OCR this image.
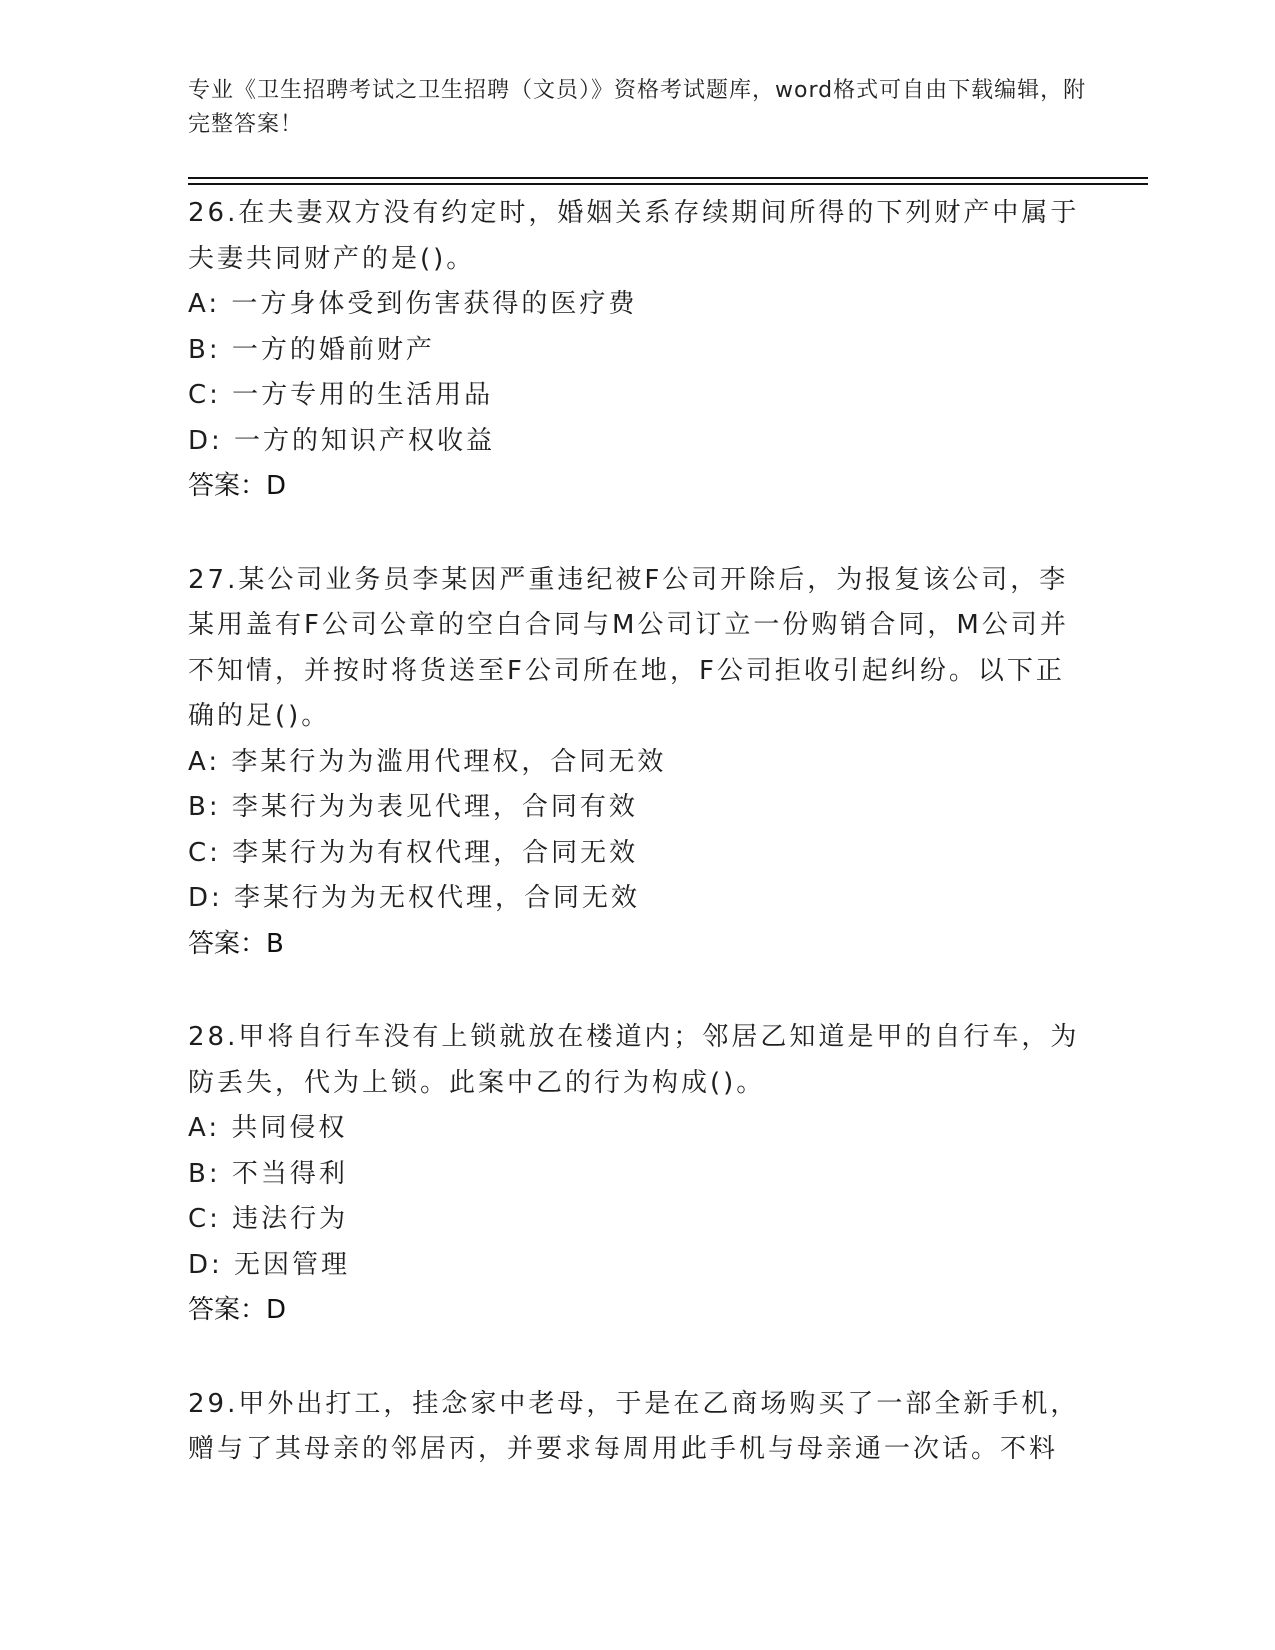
专业《卫生招聘考试之卫生招聘（文员）》资格考试题库，word格式可自由下载编辑，附完整答案！

26.在夫妻双方没有约定时，婚姻关系存续期间所得的下列财产中属于夫妻共同财产的是()。

A: 一方身体受到伤害获得的医疗费

B: 一方的婚前财产

C: 一方专用的生活用品

D: 一方的知识产权收益

答案：D

27.某公司业务员李某因严重违纪被F公司开除后，为报复该公司，李某用盖有F公司公章的空白合同与M公司订立一份购销合同，M公司并不知情，并按时将货送至F公司所在地，F公司拒收引起纠纷。以下正确的足()。

A: 李某行为为滥用代理权，合同无效

B: 李某行为为表见代理，合同有效

C: 李某行为为有权代理，合同无效

D: 李某行为为无权代理，合同无效

答案：B

28.甲将自行车没有上锁就放在楼道内；邻居乙知道是甲的自行车，为防丢失，代为上锁。此案中乙的行为构成()。

A: 共同侵权

B: 不当得利

C: 违法行为

D: 无因管理

答案：D

29.甲外出打工，挂念家中老母，于是在乙商场购买了一部全新手机，赠与了其母亲的邻居丙，并要求每周用此手机与母亲通一次话。不料
